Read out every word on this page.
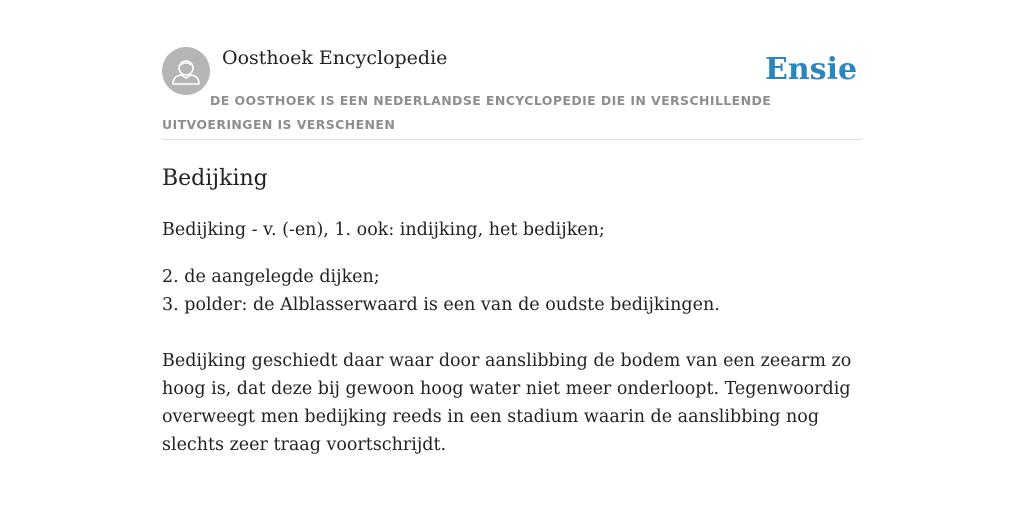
Oosthoek Encyclopedie	Ensie
DE OOSTHOEK IS EEN NEDERLANDSE ENCYCLOPEDIE DIE IN VERSCHILLENDE UITVOERINGEN IS VERSCHENEN
Bedijking

Bedijking - v. (-en), 1. ook: indijking, het bedijken;

2. de aangelegde dijken;

3. polder: de Alblasserwaard is een van de oudste bedijkingen.

Bedijking geschiedt daar waar door aanslibbing de bodem van een zeearm zo hoog is, dat deze bij gewoon hoog water niet meer onderloopt. Tegenwoordig overweegt men bedijking reeds in een stadium waarin de aanslibbing nog slechts zeer traag voortschrijdt.
